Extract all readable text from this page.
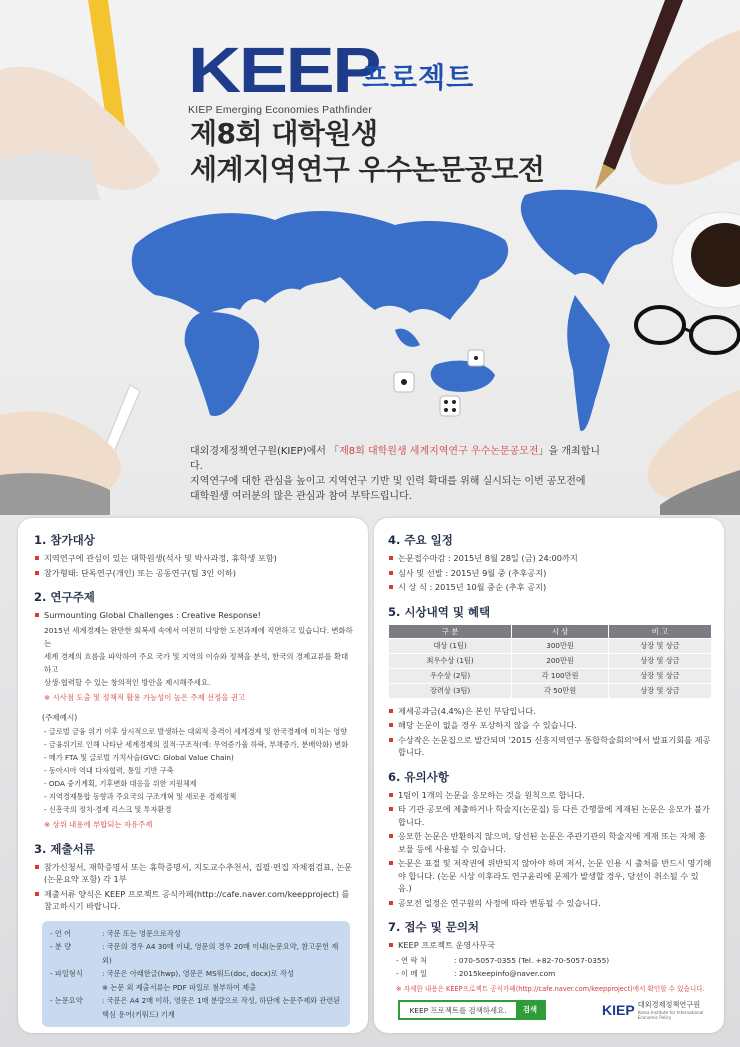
KEEP
KIEP Emerging Economies Pathfinder
프로젝트
제8회 대학원생
세계지역연구 우수논문공모전
대외경제정책연구원(KIEP)에서 「제8회 대학원생 세계지역연구 우수논문공모전」을 개최합니다.
지역연구에 대한 관심을 높이고 지역연구 기반 및 인력 확대를 위해 실시되는 이번 공모전에
대학원생 여러분의 많은 관심과 참여 부탁드립니다.
1. 참가대상
지역연구에 관심이 있는 대학원생(석사 및 박사과정, 휴학생 포함)
참가형태: 단독연구(개인) 또는 공동연구(팀 3인 이하)
2. 연구주제
Surmounting Global Challenges : Creative Response!
2015년 세계경제는 완만한 회복세 속에서 여전히 다양한 도전과제에 직면하고 있습니다. 변화하는
세계 경제의 흐름을 파악하여 주요 국가 및 지역의 이슈와 정책을 분석, 한국의 경제교류를 확대하고
상생·협력할 수 있는 창의적인 방안을 제시해주세요.
※ 시사점 도출 및 정책적 활용 가능성이 높은 주제 선정을 권고
(주제예시)
- 글로벌 금융 위기 이후 상시적으로 발생하는 대외적 충격이 세계경제 및 한국경제에 미치는 영향
- 금융위기로 인해 나타난 세계경제의 질적·구조적(예: 무역증가율 하락, 부채증가, 분배악화) 변화
- 메가 FTA 및 글로벌 가치사슬(GVC: Global Value Chain)
- 동아시아 역내 다자협력, 통일 기반 구축
- ODA 중기계획, 기후변화 대응을 위한 지원체제
- 지역경제통합 동향과 주요국의 구조개혁 및 새로운 경제정책
- 신흥국의 정치·경제 리스크 및 투자환경
※ 상위 내용에 부합되는 자유주제
3. 제출서류
참가신청서, 재학증명서 또는 휴학증명서, 지도교수추천서, 집필·편집 자체점검표, 논문 (논문요약 포함) 각 1부
제출서류 양식은 KEEP 프로젝트 공식카페(http://cafe.naver.com/keepproject) 를 참고하시기 바랍니다.
- 언 어	: 국문 또는 영문으로작성
- 분 량	: 국문의 경우 A4 30매 이내, 영문의 경우 20매 이내(논문요약, 참고문헌 제외)
- 파일형식	: 국문은 아래한글(hwp), 영문은 MS워드(doc, docx)로 작성
※ 논문 외 제출서류는 PDF 파일로 첨부하여 제출
- 논문요약	: 국문은 A4 2매 이하, 영문은 1매 분량으로 작성, 하단에 논문주제와 관련된 핵심 용어(키워드) 기재
4. 주요 일정
논문접수마감 : 2015년 8월 28일 (금) 24:00까지
심사 및 선발 : 2015년 9월 중 (추후공지)
시 상 식 : 2015년 10월 중순 (추후 공지)
5. 시상내역 및 혜택
구 분	시 상	비 고
대상 (1팀)	300만원	상장 및 상금
최우수상 (1팀)	200만원	상장 및 상금
우수상 (2팀)	각 100만원	상장 및 상금
장려상 (3팀)	각 50만원	상장 및 상금
제세공과금(4.4%)은 본인 부담입니다.
해당 논문이 없을 경우 포상하지 않을 수 있습니다.
수상작은 논문집으로 발간되며 '2015 신흥지역연구 통합학술회의'에서 발표기회를 제공합니다.
6. 유의사항
1팀이 1개의 논문을 응모하는 것을 원칙으로 합니다.
타 기관 공모에 제출하거나 학술지(논문집) 등 다른 간행물에 게재된 논문은 응모가 불가합니다.
응모한 논문은 반환하지 않으며, 당선된 논문은 주관기관의 학술지에 게재 또는 자체 홍보물 등에 사용될 수 있습니다.
논문은 표절 및 저작권에 위반되지 않아야 하며 저서, 논문 인용 시 출처를 반드시 명기해야 합니다. (논문 시상 이후라도 연구윤리에 문제가 발생할 경우, 당선이 취소될 수 있음.)
공모전 일정은 연구원의 사정에 따라 변동될 수 있습니다.
7. 접수 및 문의처
KEEP 프로젝트 운영사무국
- 연 락 처	: 070-5057-0355 (Tel. +82-70-5057-0355)
- 이 메 일	: 2015keepinfo@naver.com
※ 자세한 내용은 KEEP프로젝트 공식카페(http://cafe.naver.com/keepproject)에서 확인할 수 있습니다.
KEEP 프로젝트를 검색하세요.	검색	KIEP 대외경제정책연구원
Korea Institute for International Economic Policy
